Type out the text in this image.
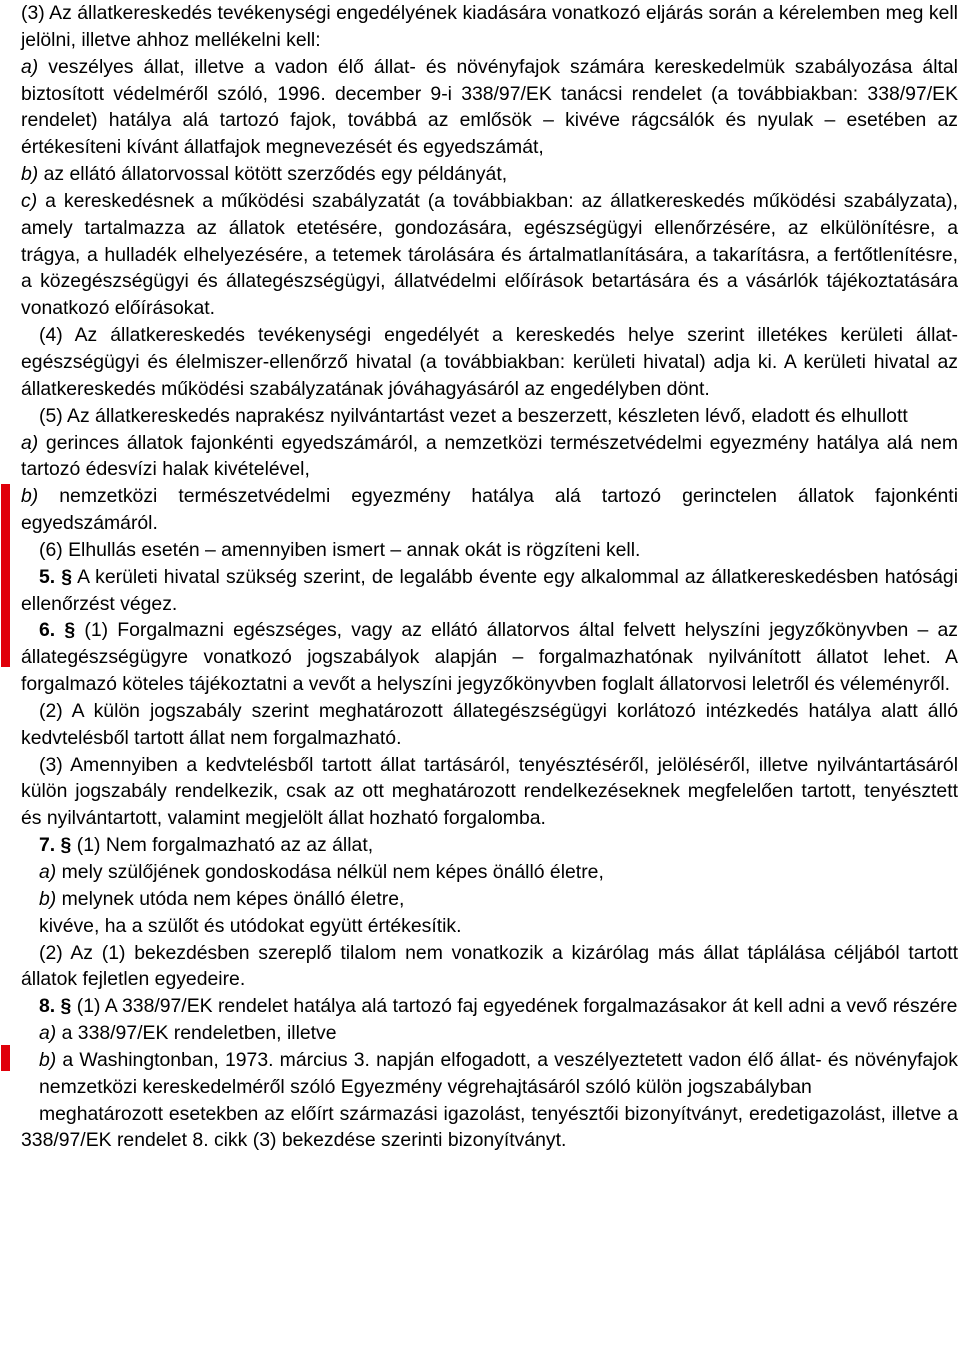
(3) Az állatkereskedés tevékenységi engedélyének kiadására vonatkozó eljárás során a kérelemben meg kell jelölni, illetve ahhoz mellékelni kell:

a) veszélyes állat, illetve a vadon élő állat- és növényfajok számára kereskedelmük szabályozása által biztosított védelméről szóló, 1996. december 9-i 338/97/EK tanácsi rendelet (a továbbiakban: 338/97/EK rendelet) hatálya alá tartozó fajok, továbbá az emlősök – kivéve rágcsálók és nyulak – esetében az értékesíteni kívánt állatfajok megnevezését és egyedszámát,

b) az ellátó állatorvossal kötött szerződés egy példányát,

c) a kereskedésnek a működési szabályzatát (a továbbiakban: az állatkereskedés működési szabályzata), amely tartalmazza az állatok etetésére, gondozására, egészségügyi ellenőrzésére, az elkülönítésre, a trágya, a hulladék elhelyezésére, a tetemek tárolására és ártalmatlanítására, a takarításra, a fertőtlenítésre, a közegészségügyi és állategészségügyi, állatvédelmi előírások betartására és a vásárlók tájékoztatására vonatkozó előírásokat.

(4) Az állatkereskedés tevékenységi engedélyét a kereskedés helye szerint illetékes kerületi állat-egészségügyi és élelmiszer-ellenőrző hivatal (a továbbiakban: kerületi hivatal) adja ki. A kerületi hivatal az állatkereskedés működési szabályzatának jóváhagyásáról az engedélyben dönt.

(5) Az állatkereskedés naprakész nyilvántartást vezet a beszerzett, készleten lévő, eladott és elhullott

a) gerinces állatok fajonkénti egyedszámáról, a nemzetközi természetvédelmi egyezmény hatálya alá nem tartozó édesvízi halak kivételével,

b) nemzetközi természetvédelmi egyezmény hatálya alá tartozó gerinctelen állatok fajonkénti egyedszámáról.

(6) Elhullás esetén – amennyiben ismert – annak okát is rögzíteni kell.

5. § A kerületi hivatal szükség szerint, de legalább évente egy alkalommal az állatkereskedésben hatósági ellenőrzést végez.

6. § (1) Forgalmazni egészséges, vagy az ellátó állatorvos által felvett helyszíni jegyzőkönyvben – az állategészségügyre vonatkozó jogszabályok alapján – forgalmazhatónak nyilvánított állatot lehet. A forgalmazó köteles tájékoztatni a vevőt a helyszíni jegyzőkönyvben foglalt állatorvosi leletről és véleményről.

(2) A külön jogszabály szerint meghatározott állategészségügyi korlátozó intézkedés hatálya alatt álló kedvtelésből tartott állat nem forgalmazható.

(3) Amennyiben a kedvtelésből tartott állat tartásáról, tenyésztéséről, jelöléséről, illetve nyilvántartásáról külön jogszabály rendelkezik, csak az ott meghatározott rendelkezéseknek megfelelően tartott, tenyésztett és nyilvántartott, valamint megjelölt állat hozható forgalomba.

7. § (1) Nem forgalmazható az az állat,

a) mely szülőjének gondoskodása nélkül nem képes önálló életre,

b) melynek utóda nem képes önálló életre,

kivéve, ha a szülőt és utódokat együtt értékesítik.

(2) Az (1) bekezdésben szereplő tilalom nem vonatkozik a kizárólag más állat táplálása céljából tartott állatok fejletlen egyedeire.

8. § (1) A 338/97/EK rendelet hatálya alá tartozó faj egyedének forgalmazásakor át kell adni a vevő részére

a) a 338/97/EK rendeletben, illetve

b) a Washingtonban, 1973. március 3. napján elfogadott, a veszélyeztetett vadon élő állat- és növényfajok nemzetközi kereskedelméről szóló Egyezmény végrehajtásáról szóló külön jogszabályban

meghatározott esetekben az előírt származási igazolást, tenyésztői bizonyítványt, eredetigazolást, illetve a 338/97/EK rendelet 8. cikk (3) bekezdése szerinti bizonyítványt.
